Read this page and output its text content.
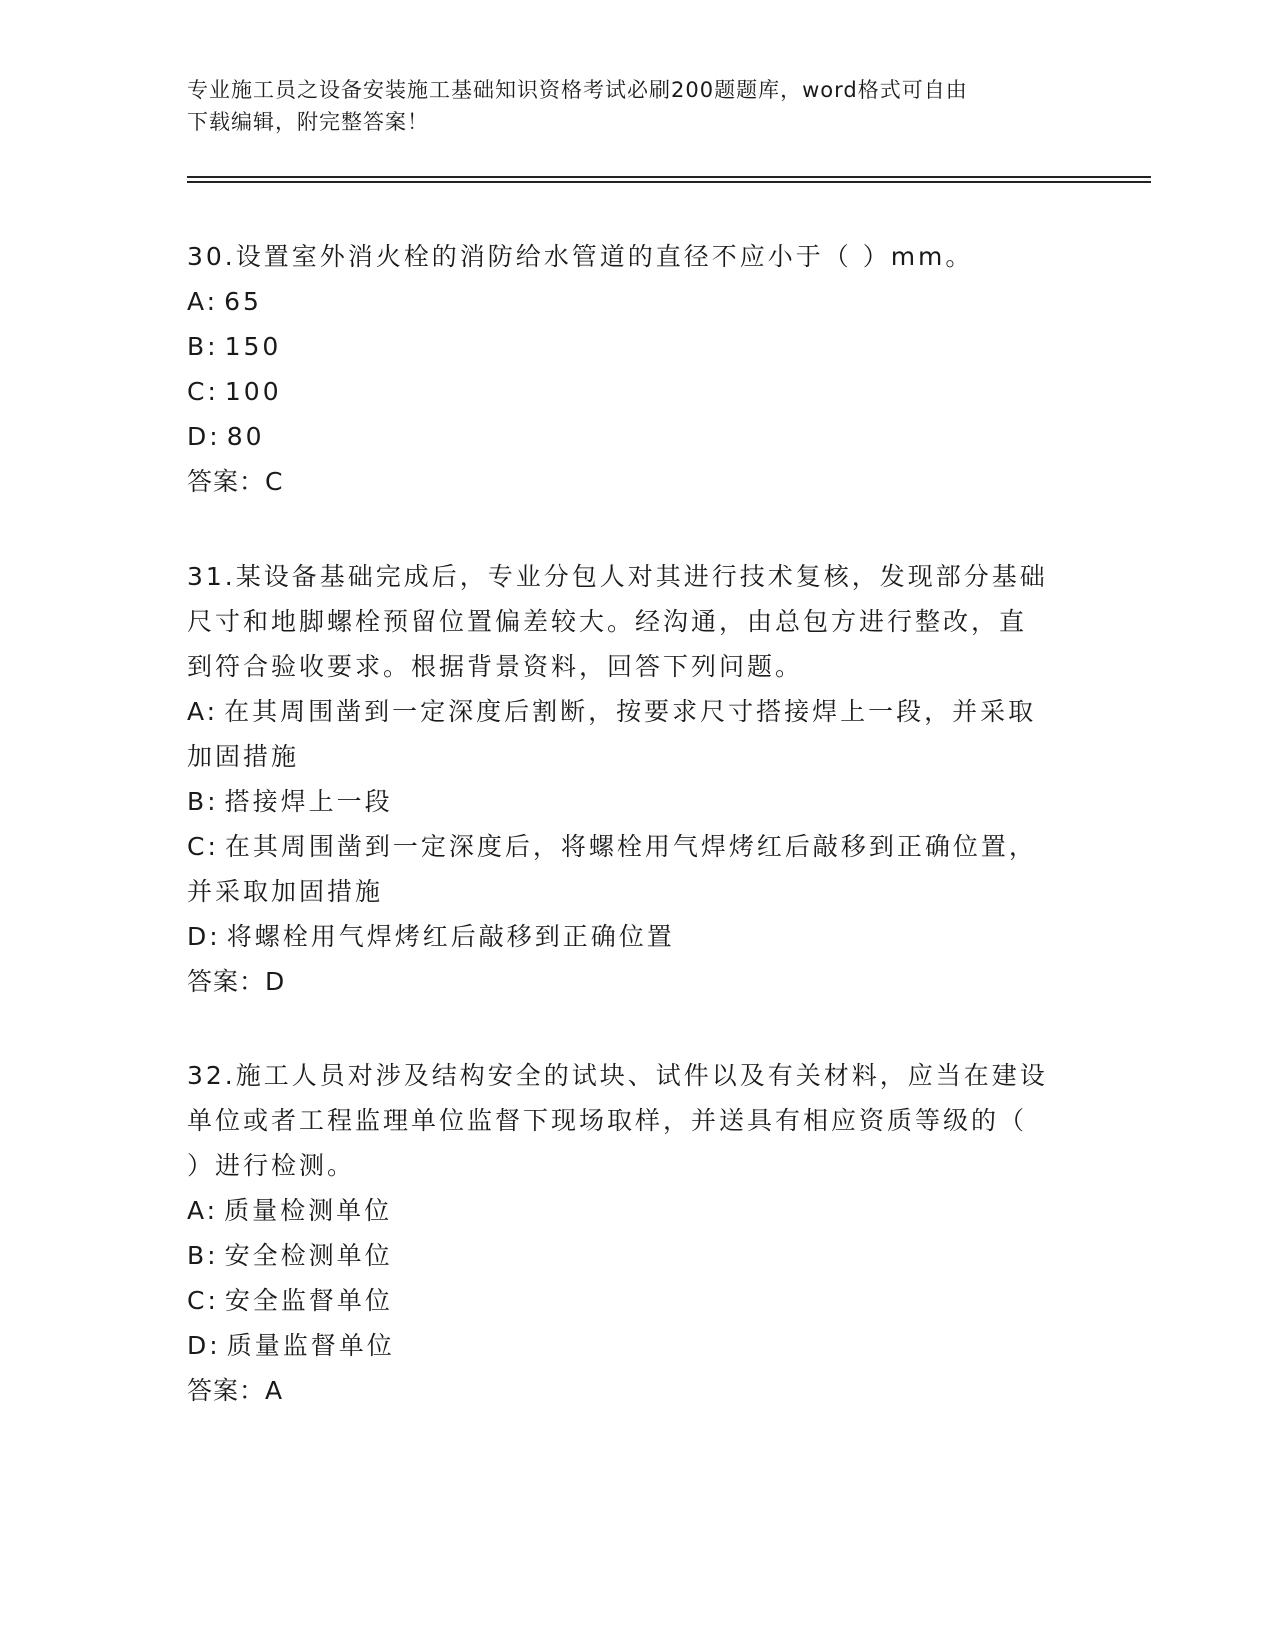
专业施工员之设备安装施工基础知识资格考试必刷200题题库，word格式可自由
下载编辑，附完整答案！
30.设置室外消火栓的消防给水管道的直径不应小于（ ）mm。
A: 65
B: 150
C: 100
D: 80
答案：C
31.某设备基础完成后，专业分包人对其进行技术复核，发现部分基础
尺寸和地脚螺栓预留位置偏差较大。经沟通，由总包方进行整改，直
到符合验收要求。根据背景资料，回答下列问题。
A: 在其周围凿到一定深度后割断，按要求尺寸搭接焊上一段，并采取
加固措施
B: 搭接焊上一段
C: 在其周围凿到一定深度后，将螺栓用气焊烤红后敲移到正确位置，
并采取加固措施
D: 将螺栓用气焊烤红后敲移到正确位置
答案：D
32.施工人员对涉及结构安全的试块、试件以及有关材料，应当在建设
单位或者工程监理单位监督下现场取样，并送具有相应资质等级的（
）进行检测。
A: 质量检测单位
B: 安全检测单位
C: 安全监督单位
D: 质量监督单位
答案：A
